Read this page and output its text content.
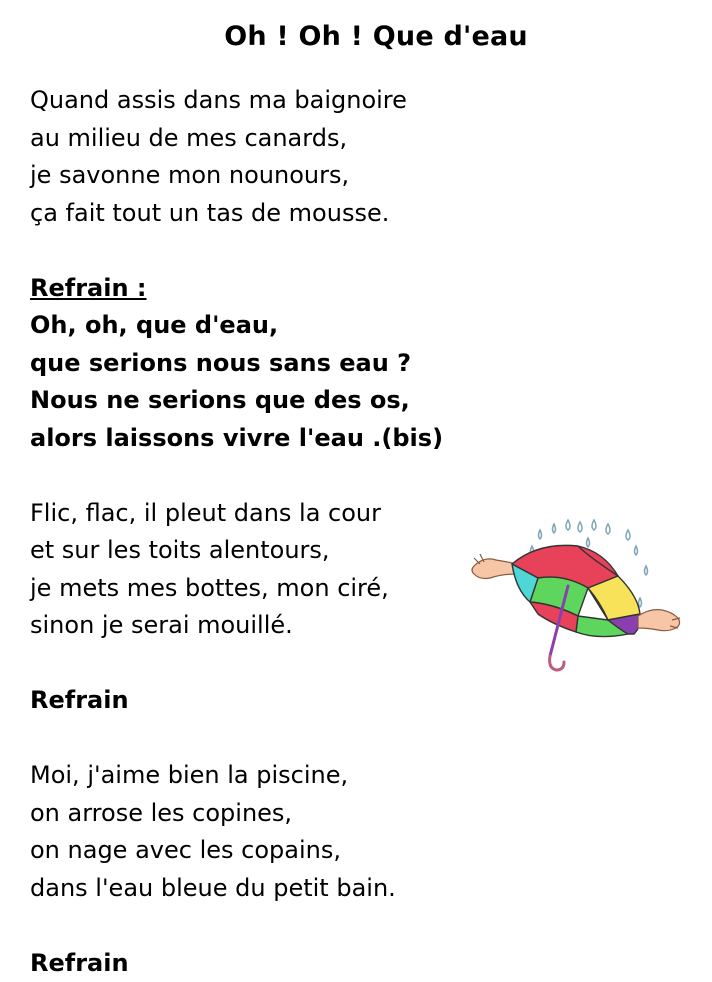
Oh ! Oh ! Que d'eau
Quand assis dans ma baignoire
au milieu de mes canards,
je savonne mon nounours,
ça fait tout un tas de mousse.
Refrain :
Oh, oh, que d'eau,
que serions nous sans eau ?
Nous ne serions que des os,
alors laissons vivre l'eau .(bis)
Flic, flac, il pleut dans la cour
et sur les toits alentours,
je mets mes bottes, mon ciré,
sinon je serai mouillé.
Refrain
Moi, j'aime bien la piscine,
on arrose les copines,
on nage avec les copains,
dans l'eau bleue du petit bain.
Refrain
